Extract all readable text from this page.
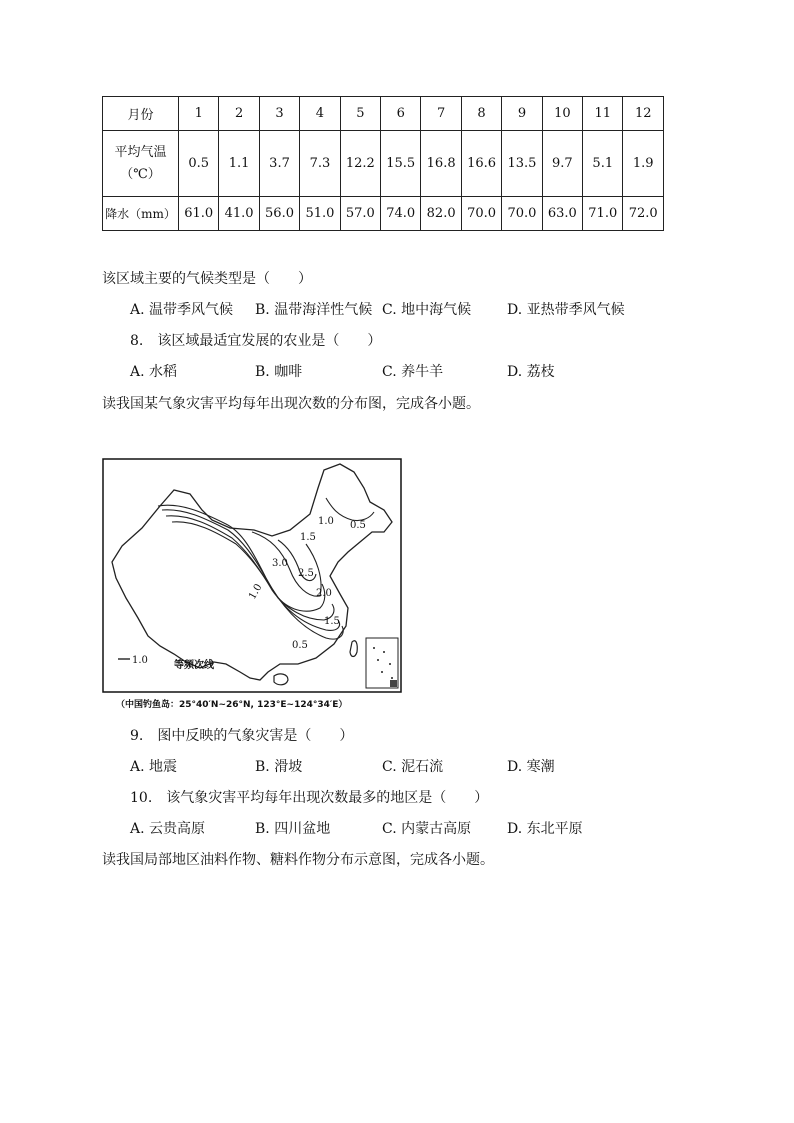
月份	1	2	3	4	5	6	7	8	9	10	11	12

平均气温
（℃）	0.5	1.1	3.7	7.3	12.2	15.5	16.8	16.6	13.5	9.7	5.1	1.9
降水（mm）	61.0	41.0	56.0	51.0	57.0	74.0	82.0	70.0	70.0	63.0	71.0	72.0
该区域主要的气候类型是（　　）
A. 温带季风气候 B. 温带海洋性气候 C. 地中海气候	D. 亚热带季风气候
8.　该区域最适宜发展的农业是（　　）
A. 水稻	B. 咖啡	C. 养牛羊	D. 荔枝
读我国某气象灾害平均每年出现次数的分布图，完成各小题。
1.0 0.5
1.5
3.0
2.5
2.0
1.0
1.5
0.5
1.0	等频次线
（中国钓鱼岛：25°40′N~26°N, 123°E~124°34′E）
9.　图中反映的气象灾害是（　　）
A. 地震	B. 滑坡	C. 泥石流	D. 寒潮
10.　该气象灾害平均每年出现次数最多的地区是（　　）
A. 云贵高原	B. 四川盆地	C. 内蒙古高原	D. 东北平原
读我国局部地区油料作物、糖料作物分布示意图，完成各小题。
